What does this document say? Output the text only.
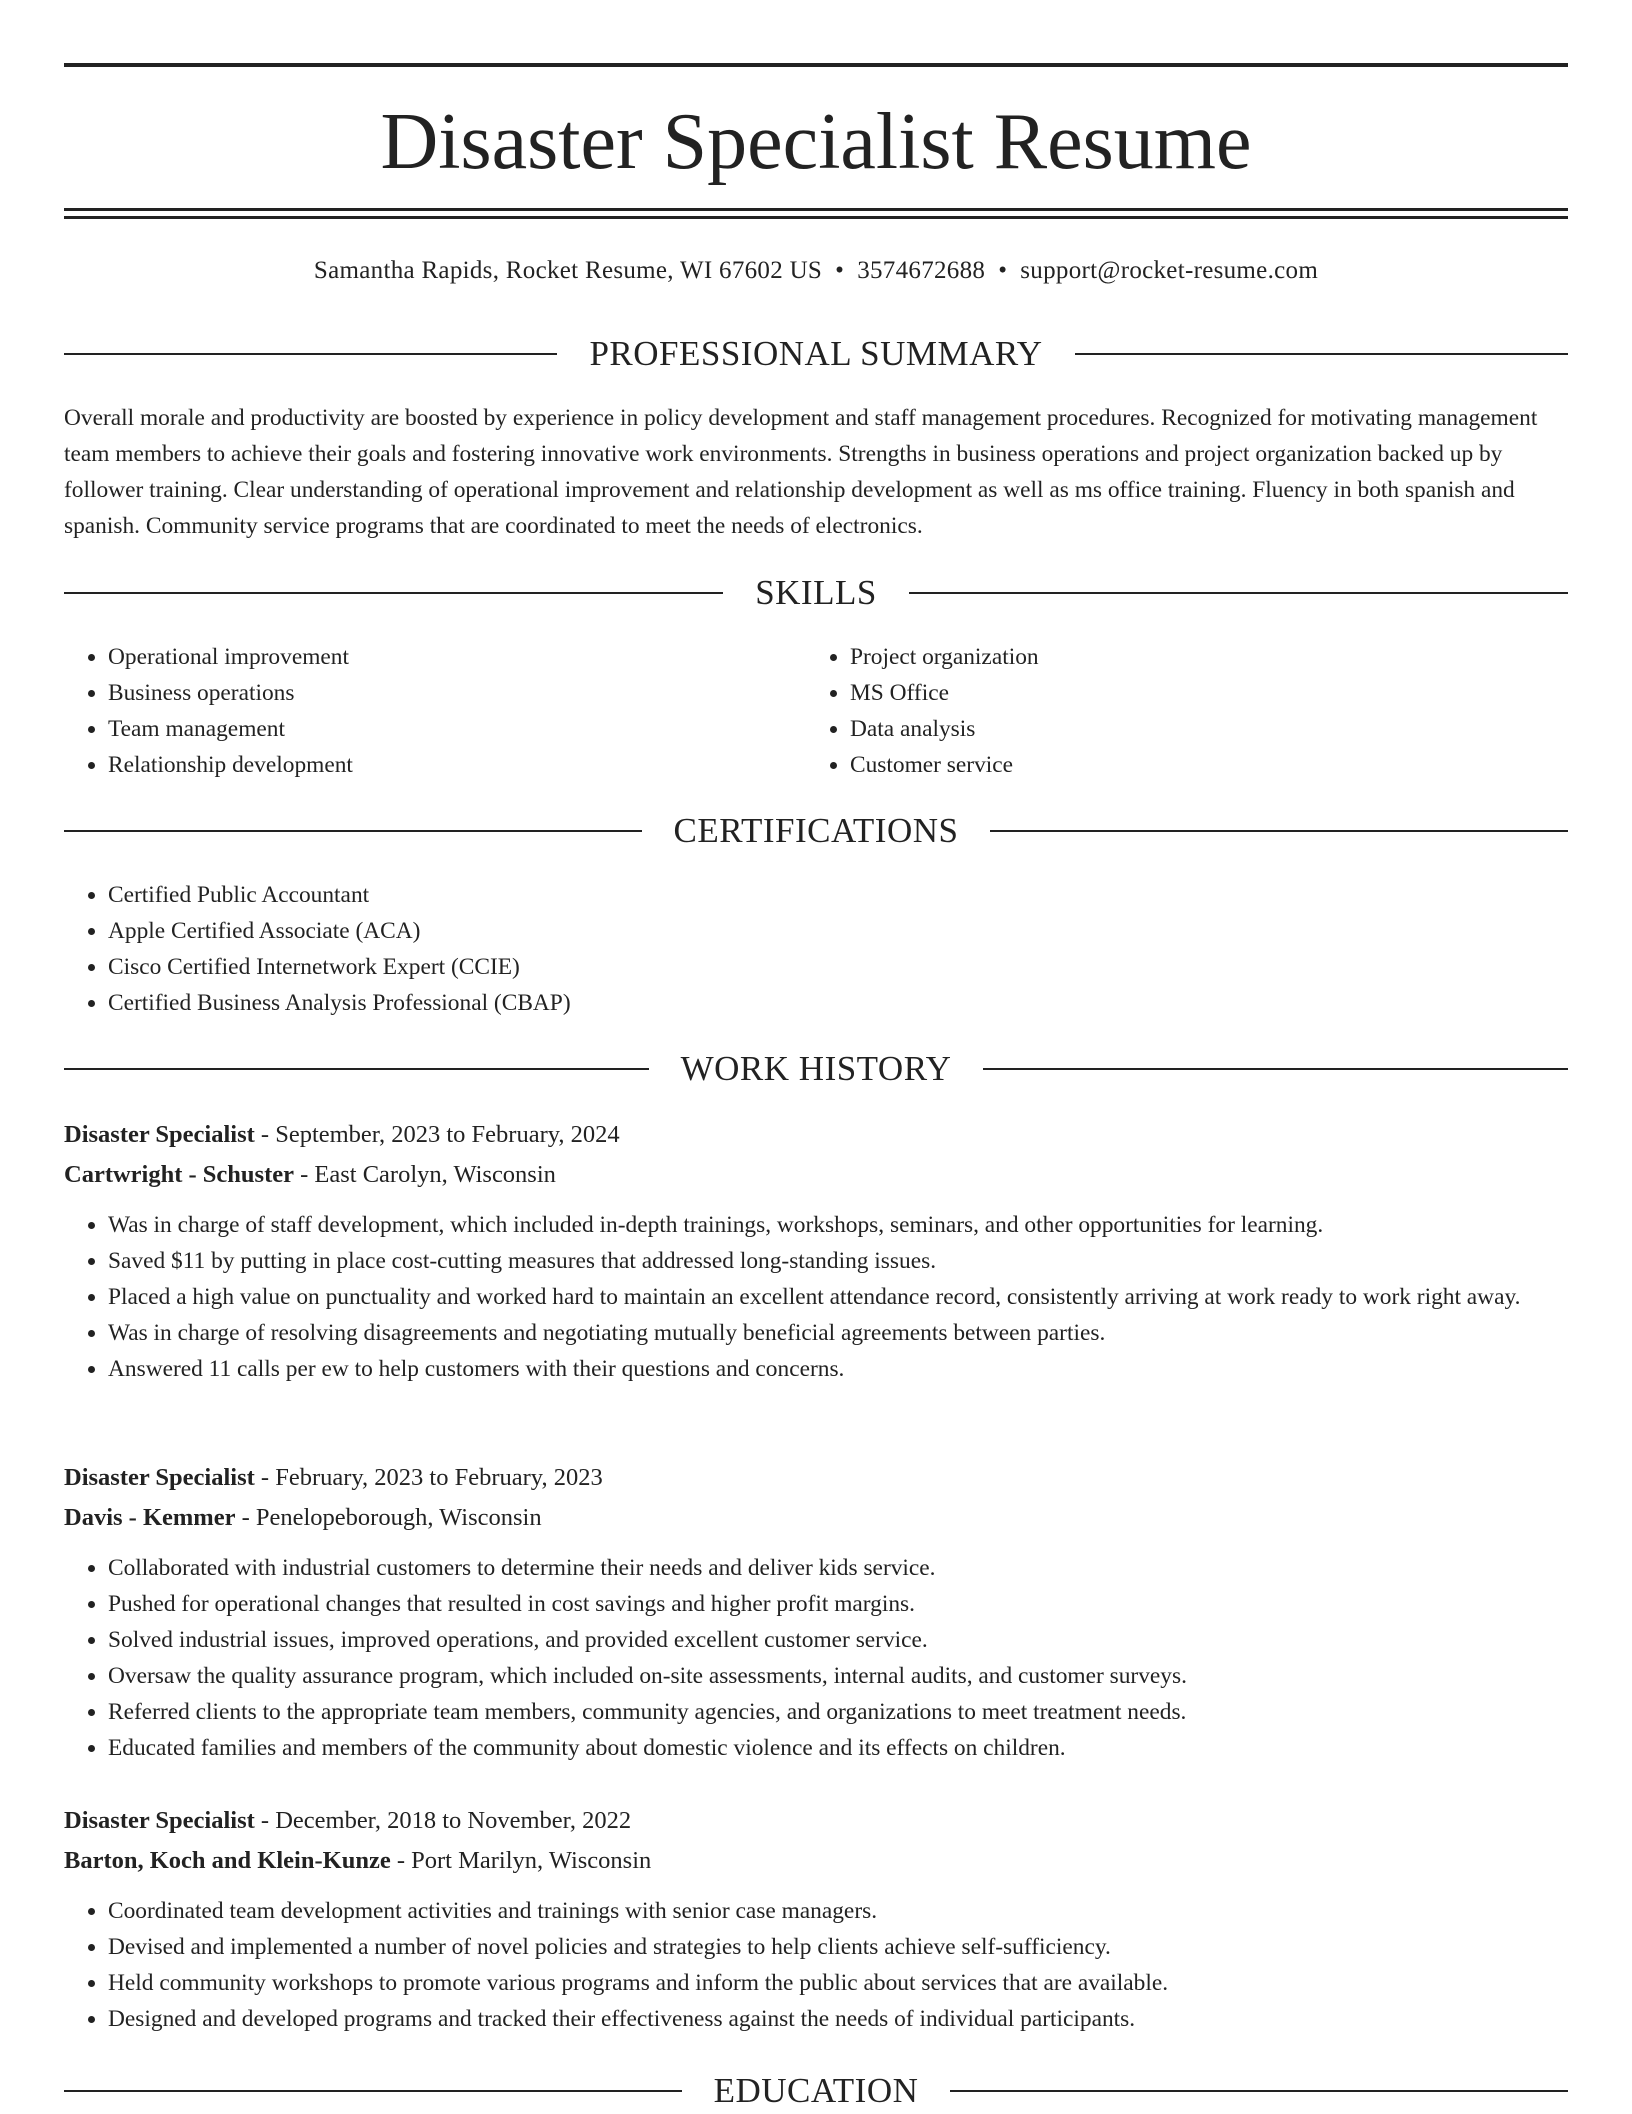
Disaster Specialist Resume
Samantha Rapids, Rocket Resume, WI 67602 US • 3574672688 • support@rocket-resume.com
PROFESSIONAL SUMMARY

Overall morale and productivity are boosted by experience in policy development and staff management procedures. Recognized for motivating management team members to achieve their goals and fostering innovative work environments. Strengths in business operations and project organization backed up by follower training. Clear understanding of operational improvement and relationship development as well as ms office training. Fluency in both spanish and spanish. Community service programs that are coordinated to meet the needs of electronics.

SKILLS
• Operational improvement
• Business operations
• Team management
• Relationship development
• Project organization
• MS Office
• Data analysis
• Customer service
CERTIFICATIONS
• Certified Public Accountant
• Apple Certified Associate (ACA)
• Cisco Certified Internetwork Expert (CCIE)
• Certified Business Analysis Professional (CBAP)
WORK HISTORY
Disaster Specialist - September, 2023 to February, 2024
Cartwright - Schuster - East Carolyn, Wisconsin
• Was in charge of staff development, which included in-depth trainings, workshops, seminars, and other opportunities for learning.
• Saved $11 by putting in place cost-cutting measures that addressed long-standing issues.
• Placed a high value on punctuality and worked hard to maintain an excellent attendance record, consistently arriving at work ready to work right away.
• Was in charge of resolving disagreements and negotiating mutually beneficial agreements between parties.
• Answered 11 calls per ew to help customers with their questions and concerns.
Disaster Specialist - February, 2023 to February, 2023
Davis - Kemmer - Penelopeborough, Wisconsin
• Collaborated with industrial customers to determine their needs and deliver kids service.
• Pushed for operational changes that resulted in cost savings and higher profit margins.
• Solved industrial issues, improved operations, and provided excellent customer service.
• Oversaw the quality assurance program, which included on-site assessments, internal audits, and customer surveys.
• Referred clients to the appropriate team members, community agencies, and organizations to meet treatment needs.
• Educated families and members of the community about domestic violence and its effects on children.
Disaster Specialist - December, 2018 to November, 2022
Barton, Koch and Klein-Kunze - Port Marilyn, Wisconsin
• Coordinated team development activities and trainings with senior case managers.
• Devised and implemented a number of novel policies and strategies to help clients achieve self-sufficiency.
• Held community workshops to promote various programs and inform the public about services that are available.
• Designed and developed programs and tracked their effectiveness against the needs of individual participants.
EDUCATION
